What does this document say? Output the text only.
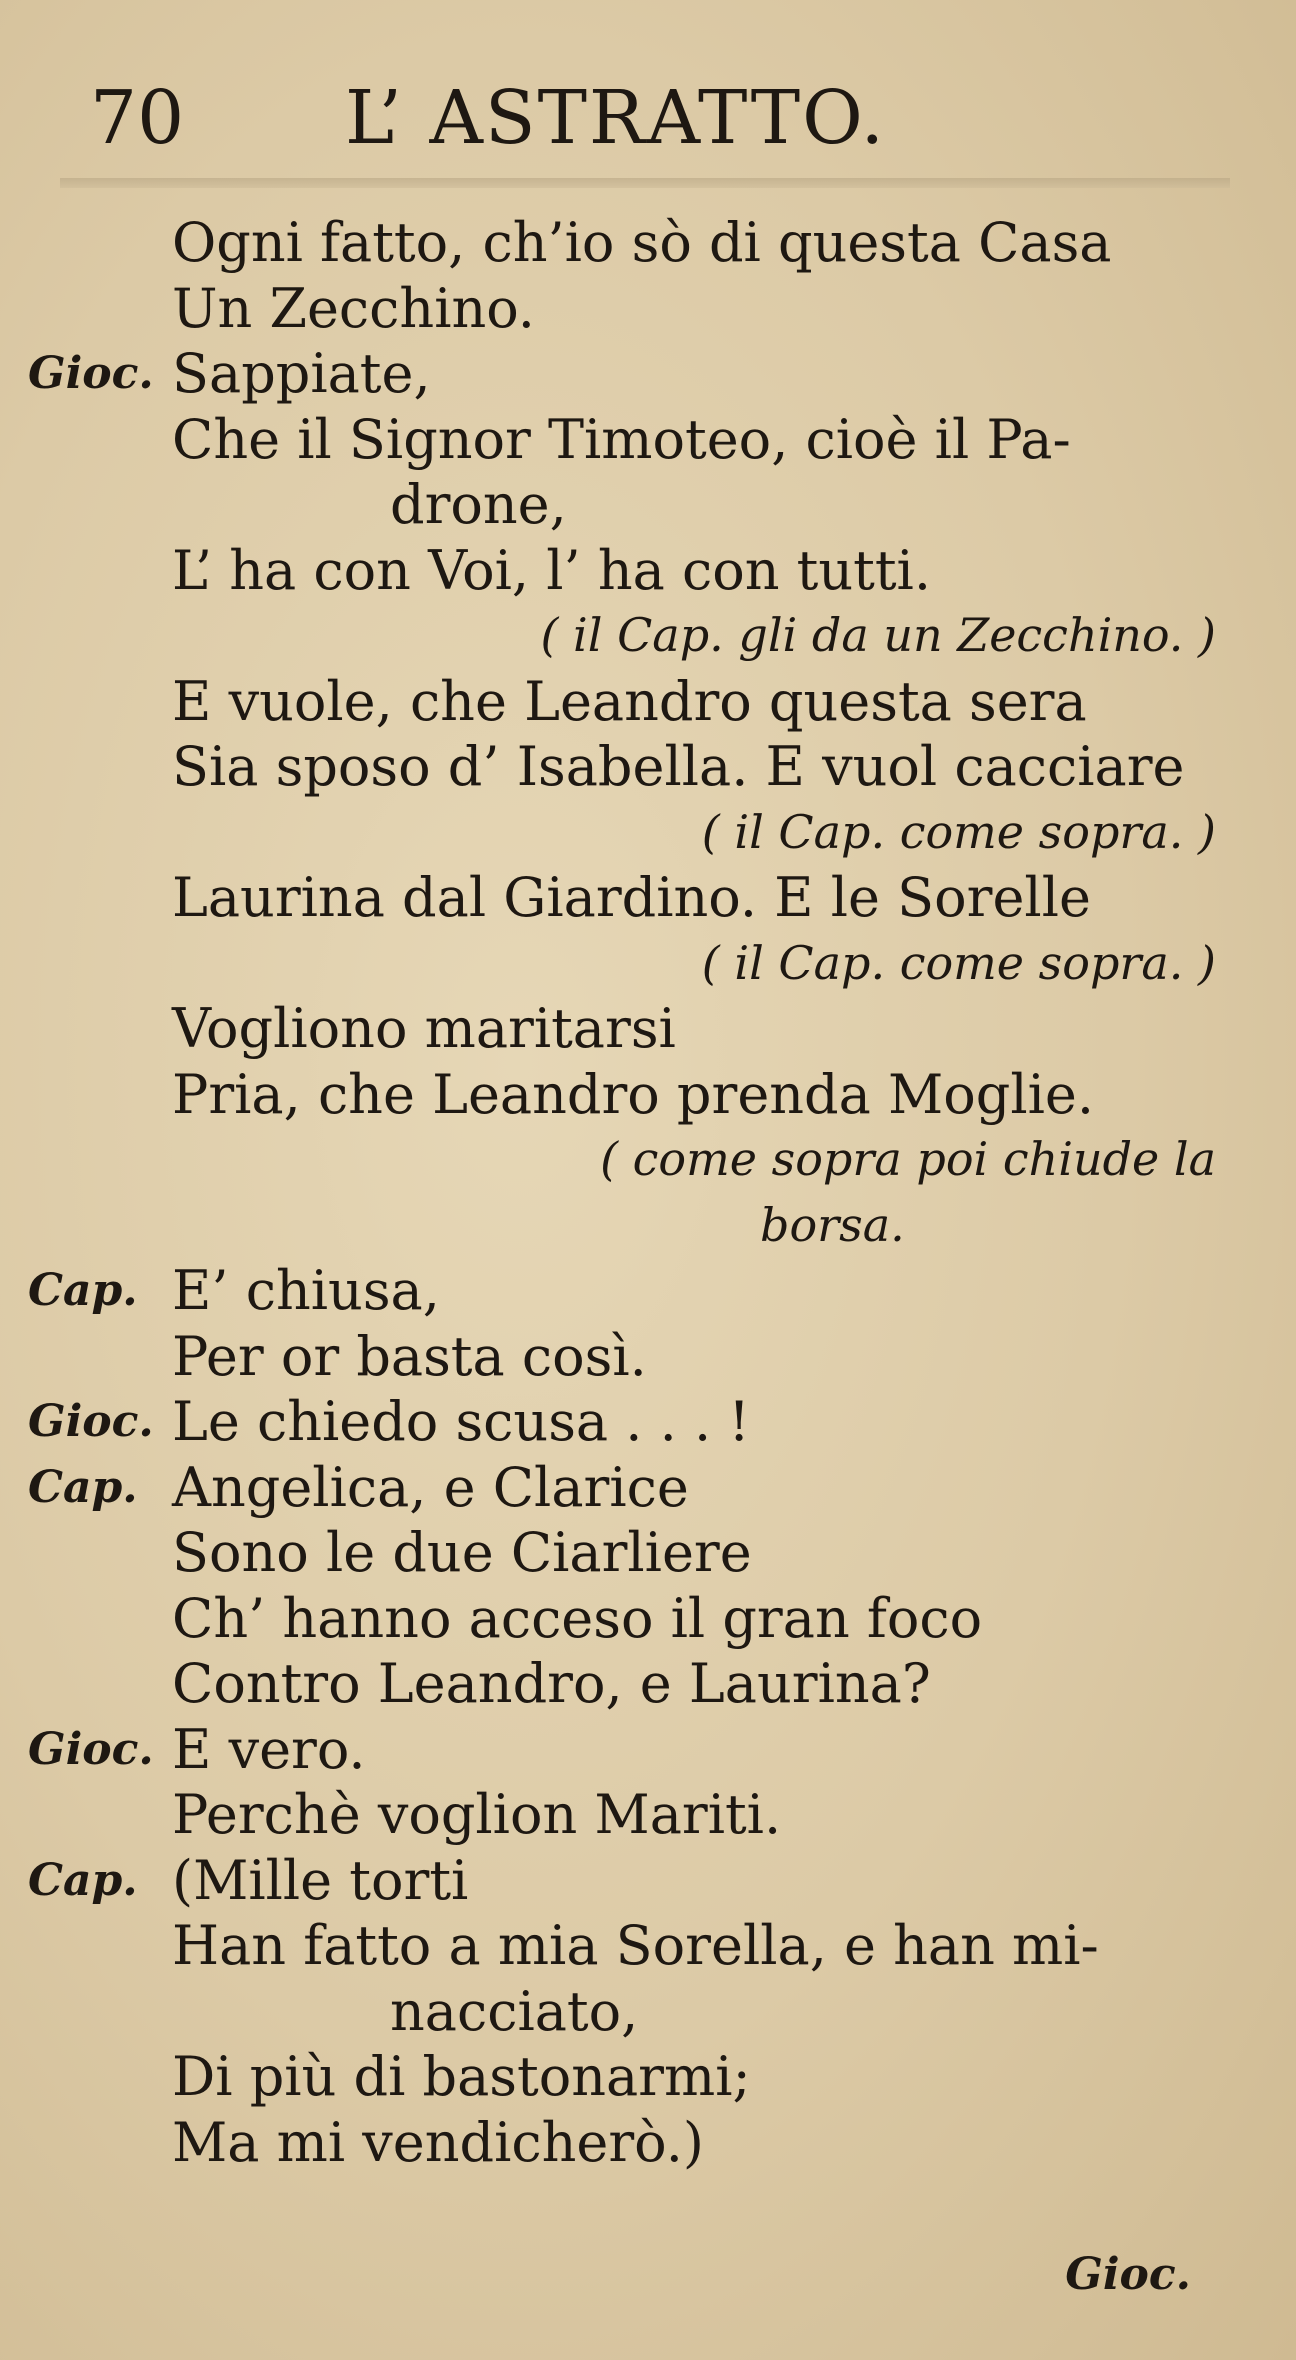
70 L’ ASTRATTO.
Ogni fatto, ch’io sò di questa Casa
Un Zecchino.
Gioc. Sappiate,
Che il Signor Timoteo, cioè il Pa-
drone,
L’ ha con Voi, l’ ha con tutti.
( il Cap. gli da un Zecchino. )
E vuole, che Leandro questa sera
Sia sposo d’ Isabella. E vuol cacciare
( il Cap. come sopra. )
Laurina dal Giardino. E le Sorelle
( il Cap. come sopra. )
Vogliono maritarsi
Pria, che Leandro prenda Moglie.
( come sopra poi chiude la
borsa.
Cap. E’ chiusa,
Per or basta così.
Gioc. Le chiedo scusa . . . !
Cap. Angelica, e Clarice
Sono le due Ciarliere
Ch’ hanno acceso il gran foco
Contro Leandro, e Laurina?
Gioc. E vero.
Perchè voglion Mariti.
Cap. (Mille torti
Han fatto a mia Sorella, e han mi-
nacciato,
Di più di bastonarmi;
Ma mi vendicherò.)
Gioc.
